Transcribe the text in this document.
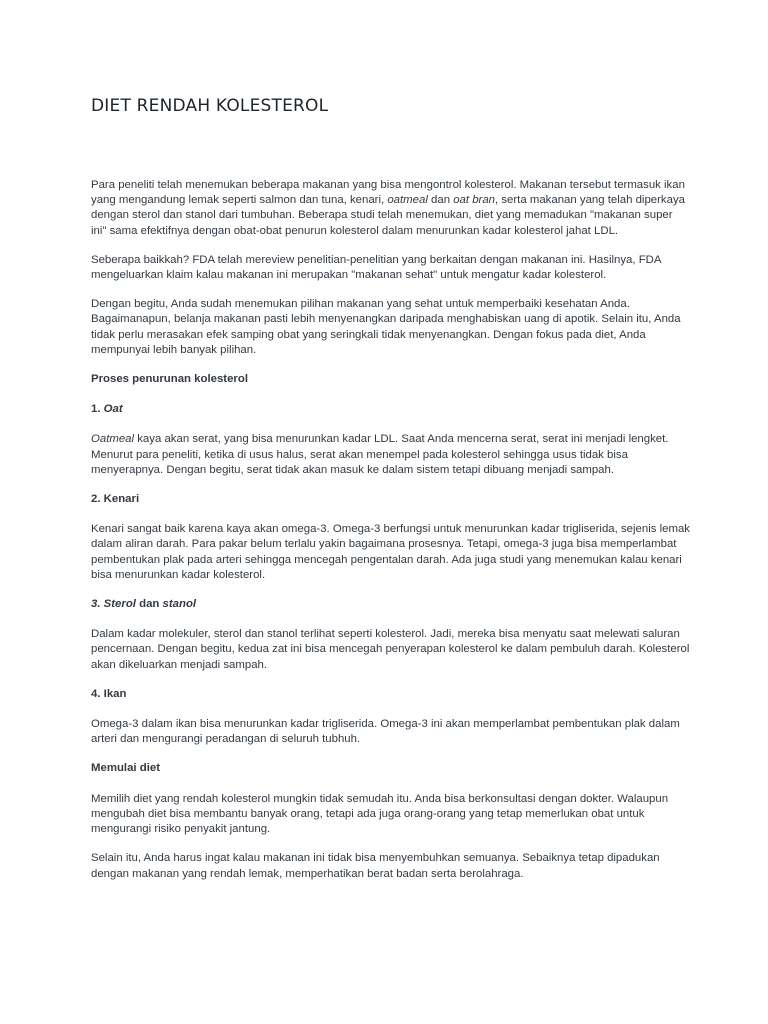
DIET RENDAH KOLESTEROL

Para peneliti telah menemukan beberapa makanan yang bisa mengontrol kolesterol. Makanan tersebut termasuk ikan yang mengandung lemak seperti salmon dan tuna, kenari, oatmeal dan oat bran, serta makanan yang telah diperkaya dengan sterol dan stanol dari tumbuhan. Beberapa studi telah menemukan, diet yang memadukan "makanan super ini" sama efektifnya dengan obat-obat penurun kolesterol dalam menurunkan kadar kolesterol jahat LDL.

Seberapa baikkah? FDA telah mereview penelitian-penelitian yang berkaitan dengan makanan ini. Hasilnya, FDA mengeluarkan klaim kalau makanan ini merupakan "makanan sehat" untuk mengatur kadar kolesterol.

Dengan begitu, Anda sudah menemukan pilihan makanan yang sehat untuk memperbaiki kesehatan Anda. Bagaimanapun, belanja makanan pasti lebih menyenangkan daripada menghabiskan uang di apotik. Selain itu, Anda tidak perlu merasakan efek samping obat yang seringkali tidak menyenangkan. Dengan fokus pada diet, Anda mempunyai lebih banyak pilihan.

Proses penurunan kolesterol

1. Oat

Oatmeal kaya akan serat, yang bisa menurunkan kadar LDL. Saat Anda mencerna serat, serat ini menjadi lengket. Menurut para peneliti, ketika di usus halus, serat akan menempel pada kolesterol sehingga usus tidak bisa menyerapnya. Dengan begitu, serat tidak akan masuk ke dalam sistem tetapi dibuang menjadi sampah.

2. Kenari

Kenari sangat baik karena kaya akan omega-3. Omega-3 berfungsi untuk menurunkan kadar trigliserida, sejenis lemak dalam aliran darah. Para pakar belum terlalu yakin bagaimana prosesnya. Tetapi, omega-3 juga bisa memperlambat pembentukan plak pada arteri sehingga mencegah pengentalan darah. Ada juga studi yang menemukan kalau kenari bisa menurunkan kadar kolesterol.

3. Sterol dan stanol

Dalam kadar molekuler, sterol dan stanol terlihat seperti kolesterol. Jadi, mereka bisa menyatu saat melewati saluran pencernaan. Dengan begitu, kedua zat ini bisa mencegah penyerapan kolesterol ke dalam pembuluh darah. Kolesterol akan dikeluarkan menjadi sampah.

4. Ikan

Omega-3 dalam ikan bisa menurunkan kadar trigliserida. Omega-3 ini akan memperlambat pembentukan plak dalam arteri dan mengurangi peradangan di seluruh tubhuh.

Memulai diet

Memilih diet yang rendah kolesterol mungkin tidak semudah itu. Anda bisa berkonsultasi dengan dokter. Walaupun mengubah diet bisa membantu banyak orang, tetapi ada juga orang-orang yang tetap memerlukan obat untuk mengurangi risiko penyakit jantung.

Selain itu, Anda harus ingat kalau makanan ini tidak bisa menyembuhkan semuanya. Sebaiknya tetap dipadukan dengan makanan yang rendah lemak, memperhatikan berat badan serta berolahraga.
